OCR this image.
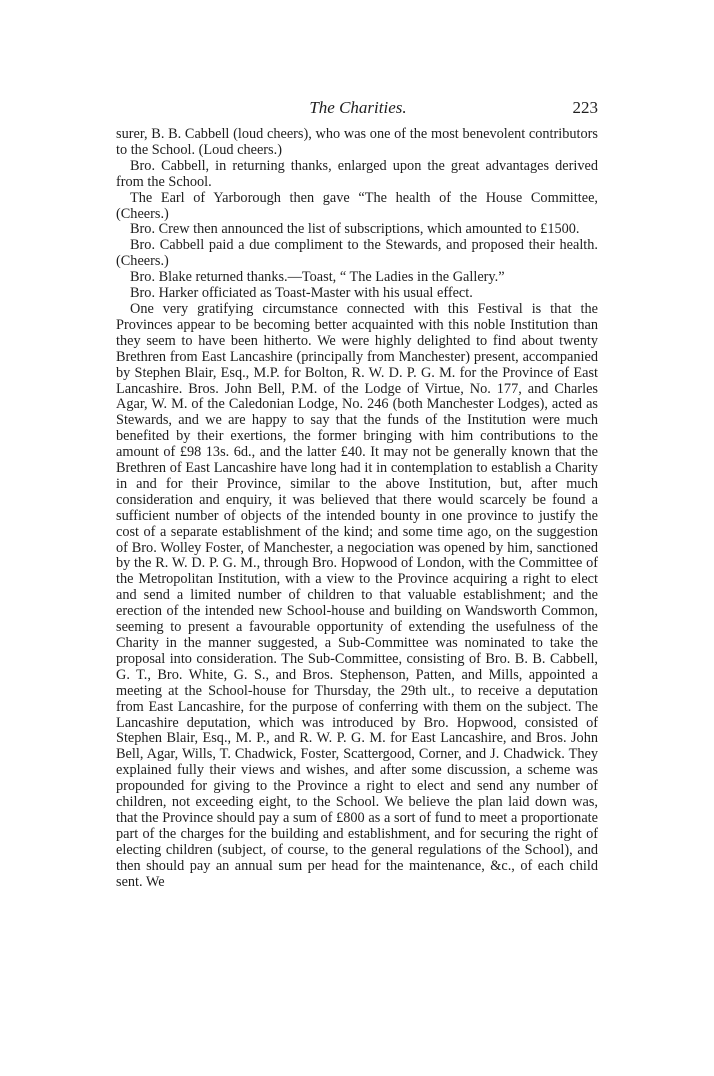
The Charities.	223

surer, B. B. Cabbell (loud cheers), who was one of the most benevolent contributors to the School. (Loud cheers.)

Bro. Cabbell, in returning thanks, enlarged upon the great advantages derived from the School.

The Earl of Yarborough then gave “The health of the House Committee, (Cheers.)

Bro. Crew then announced the list of subscriptions, which amounted to £1500.

Bro. Cabbell paid a due compliment to the Stewards, and proposed their health. (Cheers.)

Bro. Blake returned thanks.—Toast, “ The Ladies in the Gallery.”

Bro. Harker officiated as Toast-Master with his usual effect.

One very gratifying circumstance connected with this Festival is that the Provinces appear to be becoming better acquainted with this noble Institution than they seem to have been hitherto. We were highly delighted to find about twenty Brethren from East Lancashire (principally from Manchester) present, accompanied by Stephen Blair, Esq., M.P. for Bolton, R. W. D. P. G. M. for the Province of East Lancashire. Bros. John Bell, P.M. of the Lodge of Virtue, No. 177, and Charles Agar, W. M. of the Caledonian Lodge, No. 246 (both Manchester Lodges), acted as Stewards, and we are happy to say that the funds of the Institution were much benefited by their exertions, the former bringing with him contributions to the amount of £98 13s. 6d., and the latter £40. It may not be generally known that the Brethren of East Lancashire have long had it in contemplation to establish a Charity in and for their Province, similar to the above Institution, but, after much consideration and enquiry, it was believed that there would scarcely be found a sufficient number of objects of the intended bounty in one province to justify the cost of a separate establishment of the kind; and some time ago, on the suggestion of Bro. Wolley Foster, of Manchester, a negociation was opened by him, sanctioned by the R. W. D. P. G. M., through Bro. Hopwood of London, with the Committee of the Metropolitan Institution, with a view to the Province acquiring a right to elect and send a limited number of children to that valuable establishment; and the erection of the intended new School-house and building on Wandsworth Common, seeming to present a favourable opportunity of extending the usefulness of the Charity in the manner suggested, a Sub-Committee was nominated to take the proposal into consideration. The Sub-Committee, consisting of Bro. B. B. Cabbell, G. T., Bro. White, G. S., and Bros. Stephenson, Patten, and Mills, appointed a meeting at the School-house for Thursday, the 29th ult., to receive a deputation from East Lancashire, for the purpose of conferring with them on the subject. The Lancashire deputation, which was introduced by Bro. Hopwood, consisted of Stephen Blair, Esq., M. P., and R. W. P. G. M. for East Lancashire, and Bros. John Bell, Agar, Wills, T. Chadwick, Foster, Scattergood, Corner, and J. Chadwick. They explained fully their views and wishes, and after some discussion, a scheme was propounded for giving to the Province a right to elect and send any number of children, not exceeding eight, to the School. We believe the plan laid down was, that the Province should pay a sum of £800 as a sort of fund to meet a proportionate part of the charges for the building and establishment, and for securing the right of electing children (subject, of course, to the general regulations of the School), and then should pay an annual sum per head for the maintenance, &c., of each child sent. We
